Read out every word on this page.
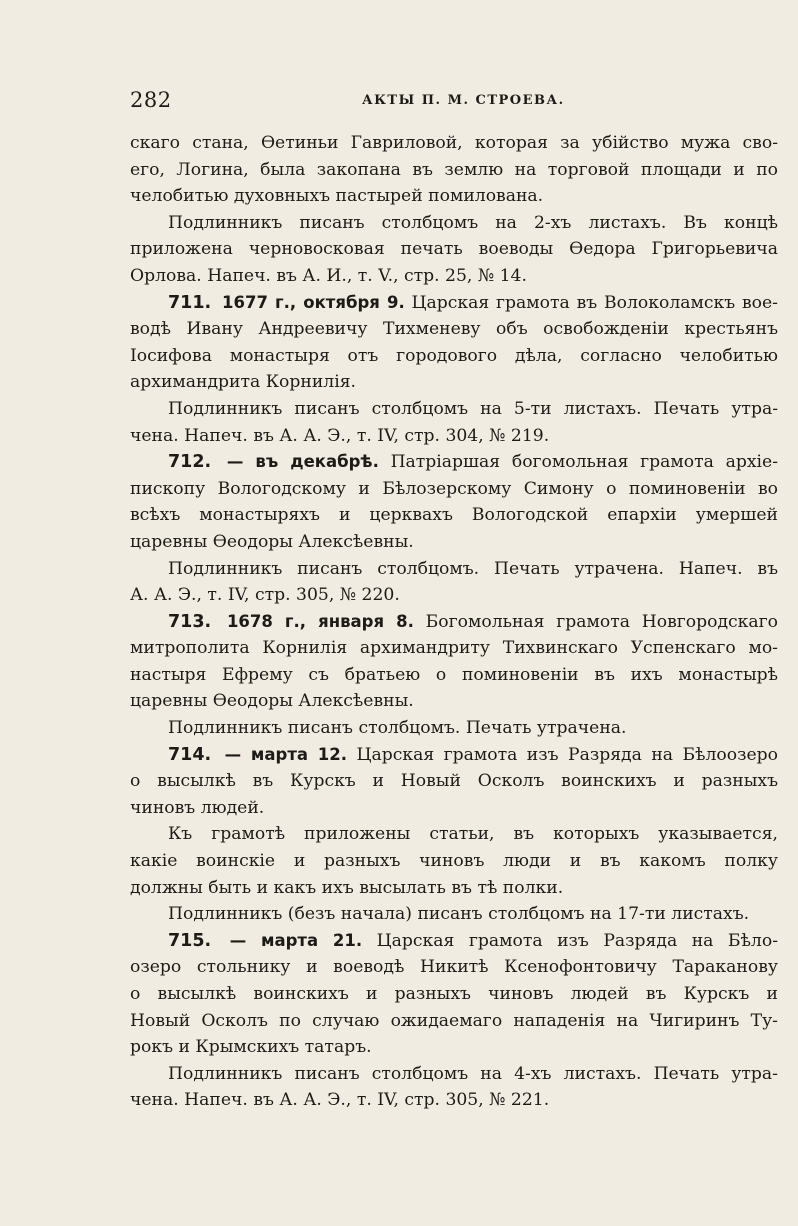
282	АКТЫ П. М. СТРОЕВА.
скаго стана, Өетиньи Гавриловой, которая за убійство мужа сво-
его, Логина, была закопана въ землю на торговой площади и по
челобитью духовныхъ пастырей помилована.
Подлинникъ писанъ столбцомъ на 2-хъ листахъ. Въ концѣ
приложена черновосковая печать воеводы Өедора Григорьевича
Орлова. Напеч. въ А. И., т. V., стр. 25, № 14.
711. 1677 г., октября 9. Царская грамота въ Волоколамскъ вое-
водѣ Ивану Андреевичу Тихменеву объ освобожденіи крестьянъ
Іосифова монастыря отъ городового дѣла, согласно челобитью
архимандрита Корнилія.
Подлинникъ писанъ столбцомъ на 5-ти листахъ. Печать утра-
чена. Напеч. въ А. А. Э., т. IV, стр. 304, № 219.
712. — въ декабрѣ. Патріаршая богомольная грамота архіе-
пископу Вологодскому и Бѣлозерскому Симону о поминовеніи во
всѣхъ монастыряхъ и церквахъ Вологодской епархіи умершей
царевны Өеодоры Алексѣевны.
Подлинникъ писанъ столбцомъ. Печать утрачена. Напеч. въ
А. А. Э., т. IV, стр. 305, № 220.
713. 1678 г., января 8. Богомольная грамота Новгородскаго
митрополита Корнилія архимандриту Тихвинскаго Успенскаго мо-
настыря Ефрему съ братьею о поминовеніи въ ихъ монастырѣ
царевны Өеодоры Алексѣевны.
Подлинникъ писанъ столбцомъ. Печать утрачена.
714. — марта 12. Царская грамота изъ Разряда на Бѣлоозеро
о высылкѣ въ Курскъ и Новый Осколъ воинскихъ и разныхъ
чиновъ людей.
Къ грамотѣ приложены статьи, въ которыхъ указывается,
какіе воинскіе и разныхъ чиновъ люди и въ какомъ полку
должны быть и какъ ихъ высылать въ тѣ полки.
Подлинникъ (безъ начала) писанъ столбцомъ на 17-ти листахъ.
715. — марта 21. Царская грамота изъ Разряда на Бѣло-
озеро стольнику и воеводѣ Никитѣ Ксенофонтовичу Тараканову
о высылкѣ воинскихъ и разныхъ чиновъ людей въ Курскъ и
Новый Осколъ по случаю ожидаемаго нападенія на Чигиринъ Ту-
рокъ и Крымскихъ татаръ.
Подлинникъ писанъ столбцомъ на 4-хъ листахъ. Печать утра-
чена. Напеч. въ А. А. Э., т. IV, стр. 305, № 221.
